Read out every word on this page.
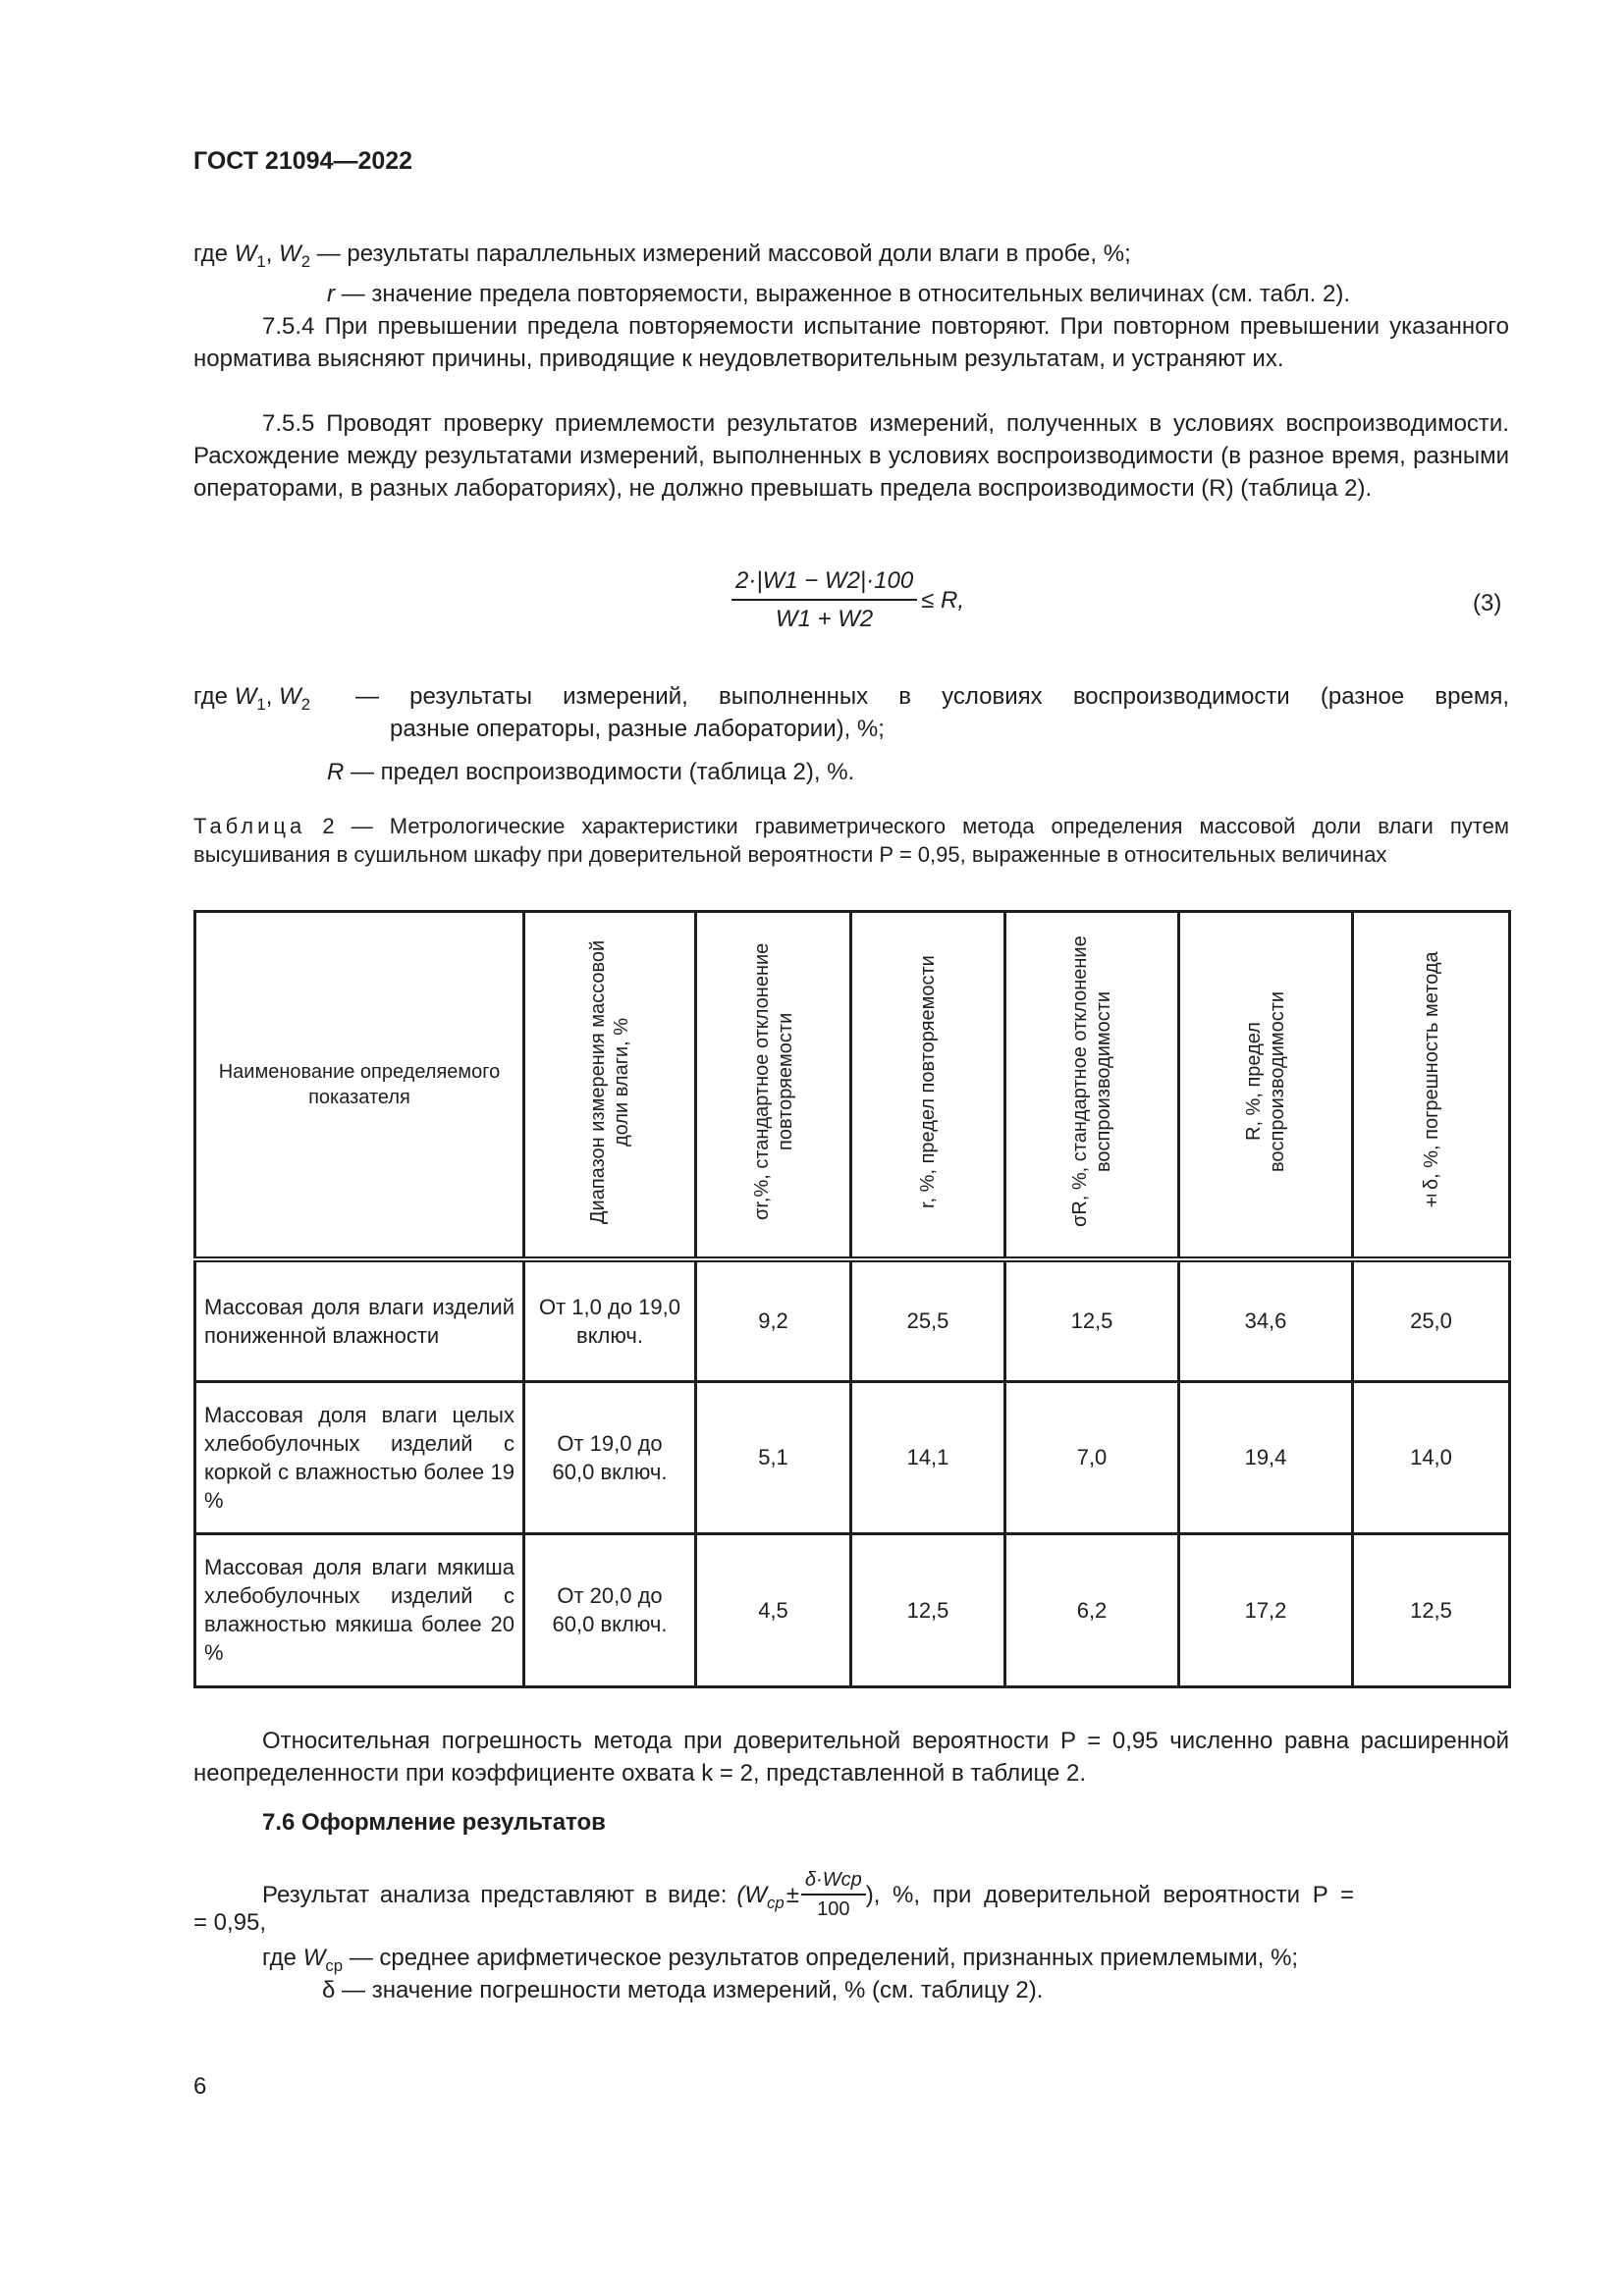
ГОСТ 21094—2022
где $W_1$, $W_2$ — результаты параллельных измерений массовой доли влаги в пробе, %;
r — значение предела повторяемости, выраженное в относительных величинах (см. табл. 2).
7.5.4 При превышении предела повторяемости испытание повторяют. При повторном превышении указанного норматива выясняют причины, приводящие к неудовлетворительным результатам, и устраняют их.
7.5.5 Проводят проверку приемлемости результатов измерений, полученных в условиях воспроизводимости. Расхождение между результатами измерений, выполненных в условиях воспроизводимости (в разное время, разными операторами, в разных лабораториях), не должно превышать предела воспроизводимости (R) (таблица 2).
$\frac{2\cdot|W1 - W2|\cdot 100}{W1 + W2} \le R$,	(3)
где $W_1$, $W_2$ — результаты измерений, выполненных в условиях воспроизводимости (разное время,
разные операторы, разные лаборатории), %;
R — предел воспроизводимости (таблица 2), %.
Таблица 2 — Метрологические характеристики гравиметрического метода определения массовой доли влаги путем высушивания в сушильном шкафу при доверительной вероятности P = 0,95, выраженные в относительных величинах
Наименование определяемого показателя	Диапазон измерения массовой доли влаги, %	σr,%, стандартное отклонение повторяемости	r, %, предел повторяемости	σR, %, стандартное отклонение воспроизводимости	R, %, предел воспроизводимости	±δ, %, погрешность метода
Массовая доля влаги изделий пониженной влажности	От 1,0 до 19,0 включ.	9,2	25,5	12,5	34,6	25,0
Массовая доля влаги целых хлебобулочных изделий с коркой с влажностью более 19 %	От 19,0 до 60,0 включ.	5,1	14,1	7,0	19,4	14,0
Массовая доля влаги мякиша хлебобулочных изделий с влажностью мякиша более 20 %	От 20,0 до 60,0 включ.	4,5	12,5	6,2	17,2	12,5
Относительная погрешность метода при доверительной вероятности P = 0,95 численно равна расширенной неопределенности при коэффициенте охвата k = 2, представленной в таблице 2.
7.6 Оформление результатов
Результат анализа представляют в виде: ($W_{ср} \pm \frac{\text{δ·Wср}}{100}$ ), %, при доверительной вероятности P =
= 0,95,
где $W_{ср}$ — среднее арифметическое результатов определений, признанных приемлемыми, %;
δ — значение погрешности метода измерений, % (см. таблицу 2).
6
